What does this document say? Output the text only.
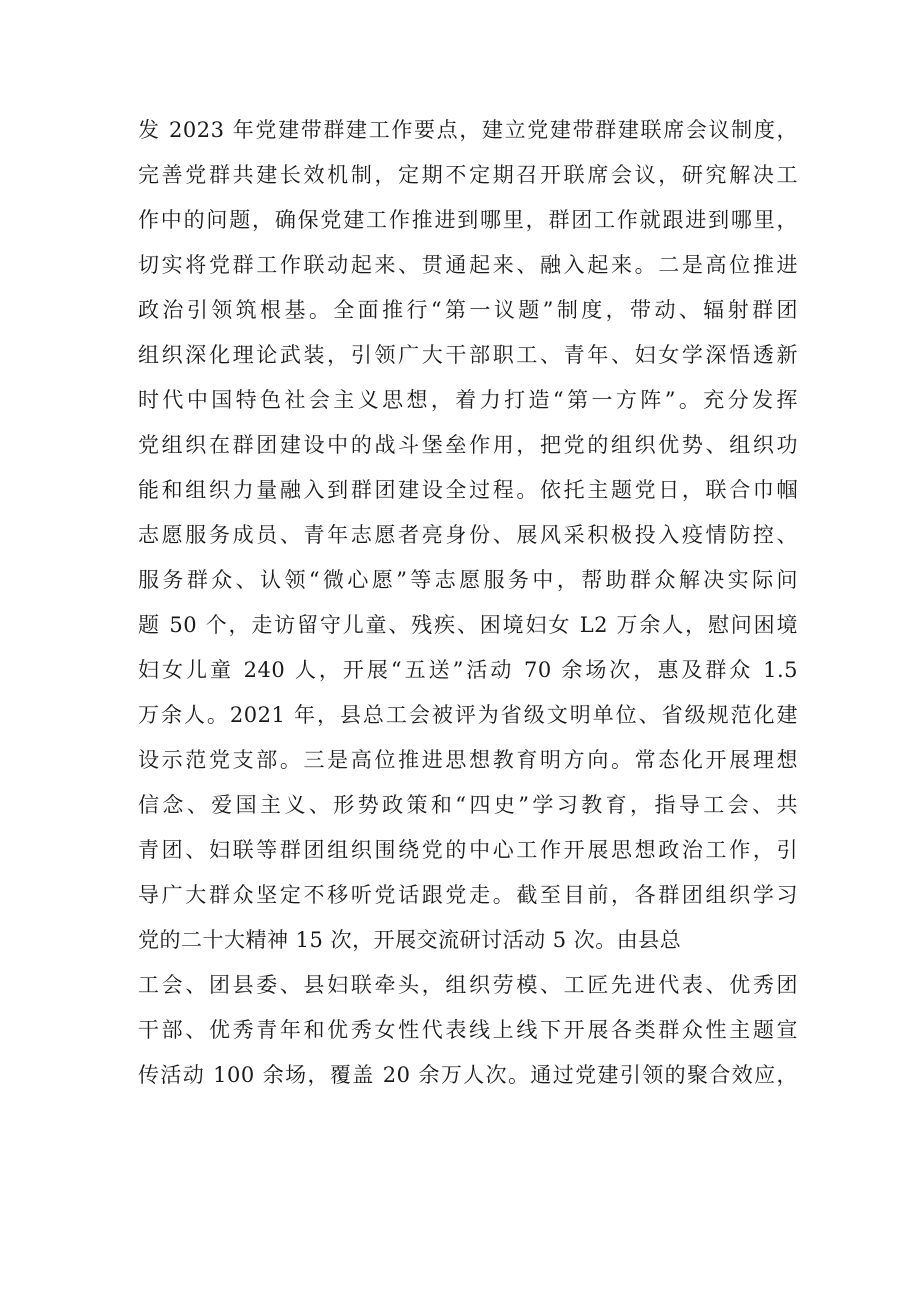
发 2023 年党建带群建工作要点，建立党建带群建联席会议制度，
完善党群共建长效机制，定期不定期召开联席会议，研究解决工
作中的问题，确保党建工作推进到哪里，群团工作就跟进到哪里，
切实将党群工作联动起来、贯通起来、融入起来。二是高位推进
政治引领筑根基。全面推行“第一议题”制度，带动、辐射群团
组织深化理论武装，引领广大干部职工、青年、妇女学深悟透新
时代中国特色社会主义思想，着力打造“第一方阵”。充分发挥
党组织在群团建设中的战斗堡垒作用，把党的组织优势、组织功
能和组织力量融入到群团建设全过程。依托主题党日，联合巾帼
志愿服务成员、青年志愿者亮身份、展风采积极投入疫情防控、
服务群众、认领“微心愿”等志愿服务中，帮助群众解决实际问
题 50 个，走访留守儿童、残疾、困境妇女 L2 万余人，慰问困境
妇女儿童 240 人，开展“五送”活动 70 余场次，惠及群众 1.5
万余人。2021 年，县总工会被评为省级文明单位、省级规范化建
设示范党支部。三是高位推进思想教育明方向。常态化开展理想
信念、爱国主义、形势政策和“四史”学习教育，指导工会、共
青团、妇联等群团组织围绕党的中心工作开展思想政治工作，引
导广大群众坚定不移听党话跟党走。截至目前，各群团组织学习
党的二十大精神 15 次，开展交流研讨活动 5 次。由县总
工会、团县委、县妇联牵头，组织劳模、工匠先进代表、优秀团
干部、优秀青年和优秀女性代表线上线下开展各类群众性主题宣
传活动 100 余场，覆盖 20 余万人次。通过党建引领的聚合效应，
